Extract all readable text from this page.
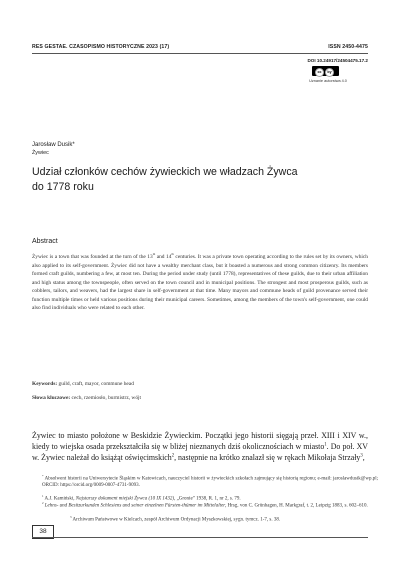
RES GESTAE. CZASOPISMO HISTORYCZNE 2023 (17)	ISSN 2450-4475
DOI 10.24917/24504475.17.2
cc	by
Uznanie autorstwa 4.0
Jarosław Dusik*
Żywiec
Udział członków cechów żywieckich we władzach Żywca
do 1778 roku
Abstract
Żywiec is a town that was founded at the turn of the 13th and 14th centuries. It was a private town operating according to the rules set by its owners, which also applied to its self-government. Żywiec did not have a wealthy merchant class, but it boasted a numerous and strong common citizenry. Its members formed craft guilds, numbering a few, at most ten. During the period under study (until 1778), representatives of these guilds, due to their urban affiliation and high status among the townspeople, often served on the town council and in municipal positions. The strongest and most prosperous guilds, such as cobblers, tailors, and weavers, had the largest share in self-government at that time. Many mayors and commune heads of guild provenance served their function multiple times or held various positions during their municipal careers. Sometimes, among the members of the town's self-government, one could also find individuals who were related to each other.
Keywords: guild, craft, mayor, commune head
Słowa kluczowe: cech, rzemiosło, burmistrz, wójt
Żywiec to miasto położone w Beskidzie Żywieckim. Początki jego historii sięgają przeł. XIII i XIV w., kiedy to wiejska osada przekształciła się w bliżej nieznanych dziś okolicznościach w miasto$^1$. Do poł. XV w. Żywiec należał do książąt oświęcimskich$^2$, następnie na krótko znalazł się w rękach Mikołaja Strzały$^3$,
* Absolwent historii na Uniwersytecie Śląskim w Katowicach, nauczyciel historii w żywieckich szkołach zajmujący się historią regionu; e-mail: jaroslawdusik@wp.pl; ORCID: https://orcid.org/0009-0007-4731-9093.
$^1$ A.J. Kamiński, Najstarszy dokument miejski Żywca (10 IX 1432), „Gronie” 1938, R. 1, nr 2, s. 79.
$^2$ Lehns- und Besitzurkunden Schlesiens und seiner einzelnen Fürsten-thümer im Mittelalter, Hrsg. von C. Grünhagen, H. Markgraf, t. 2, Leipzig 1883, s. 602–610.
$^3$ Archiwum Państwowe w Kielcach, zespół Archiwum Ordynacji Myszkowskiej, sygn. tymcz. 1-7, s. 38.
38
